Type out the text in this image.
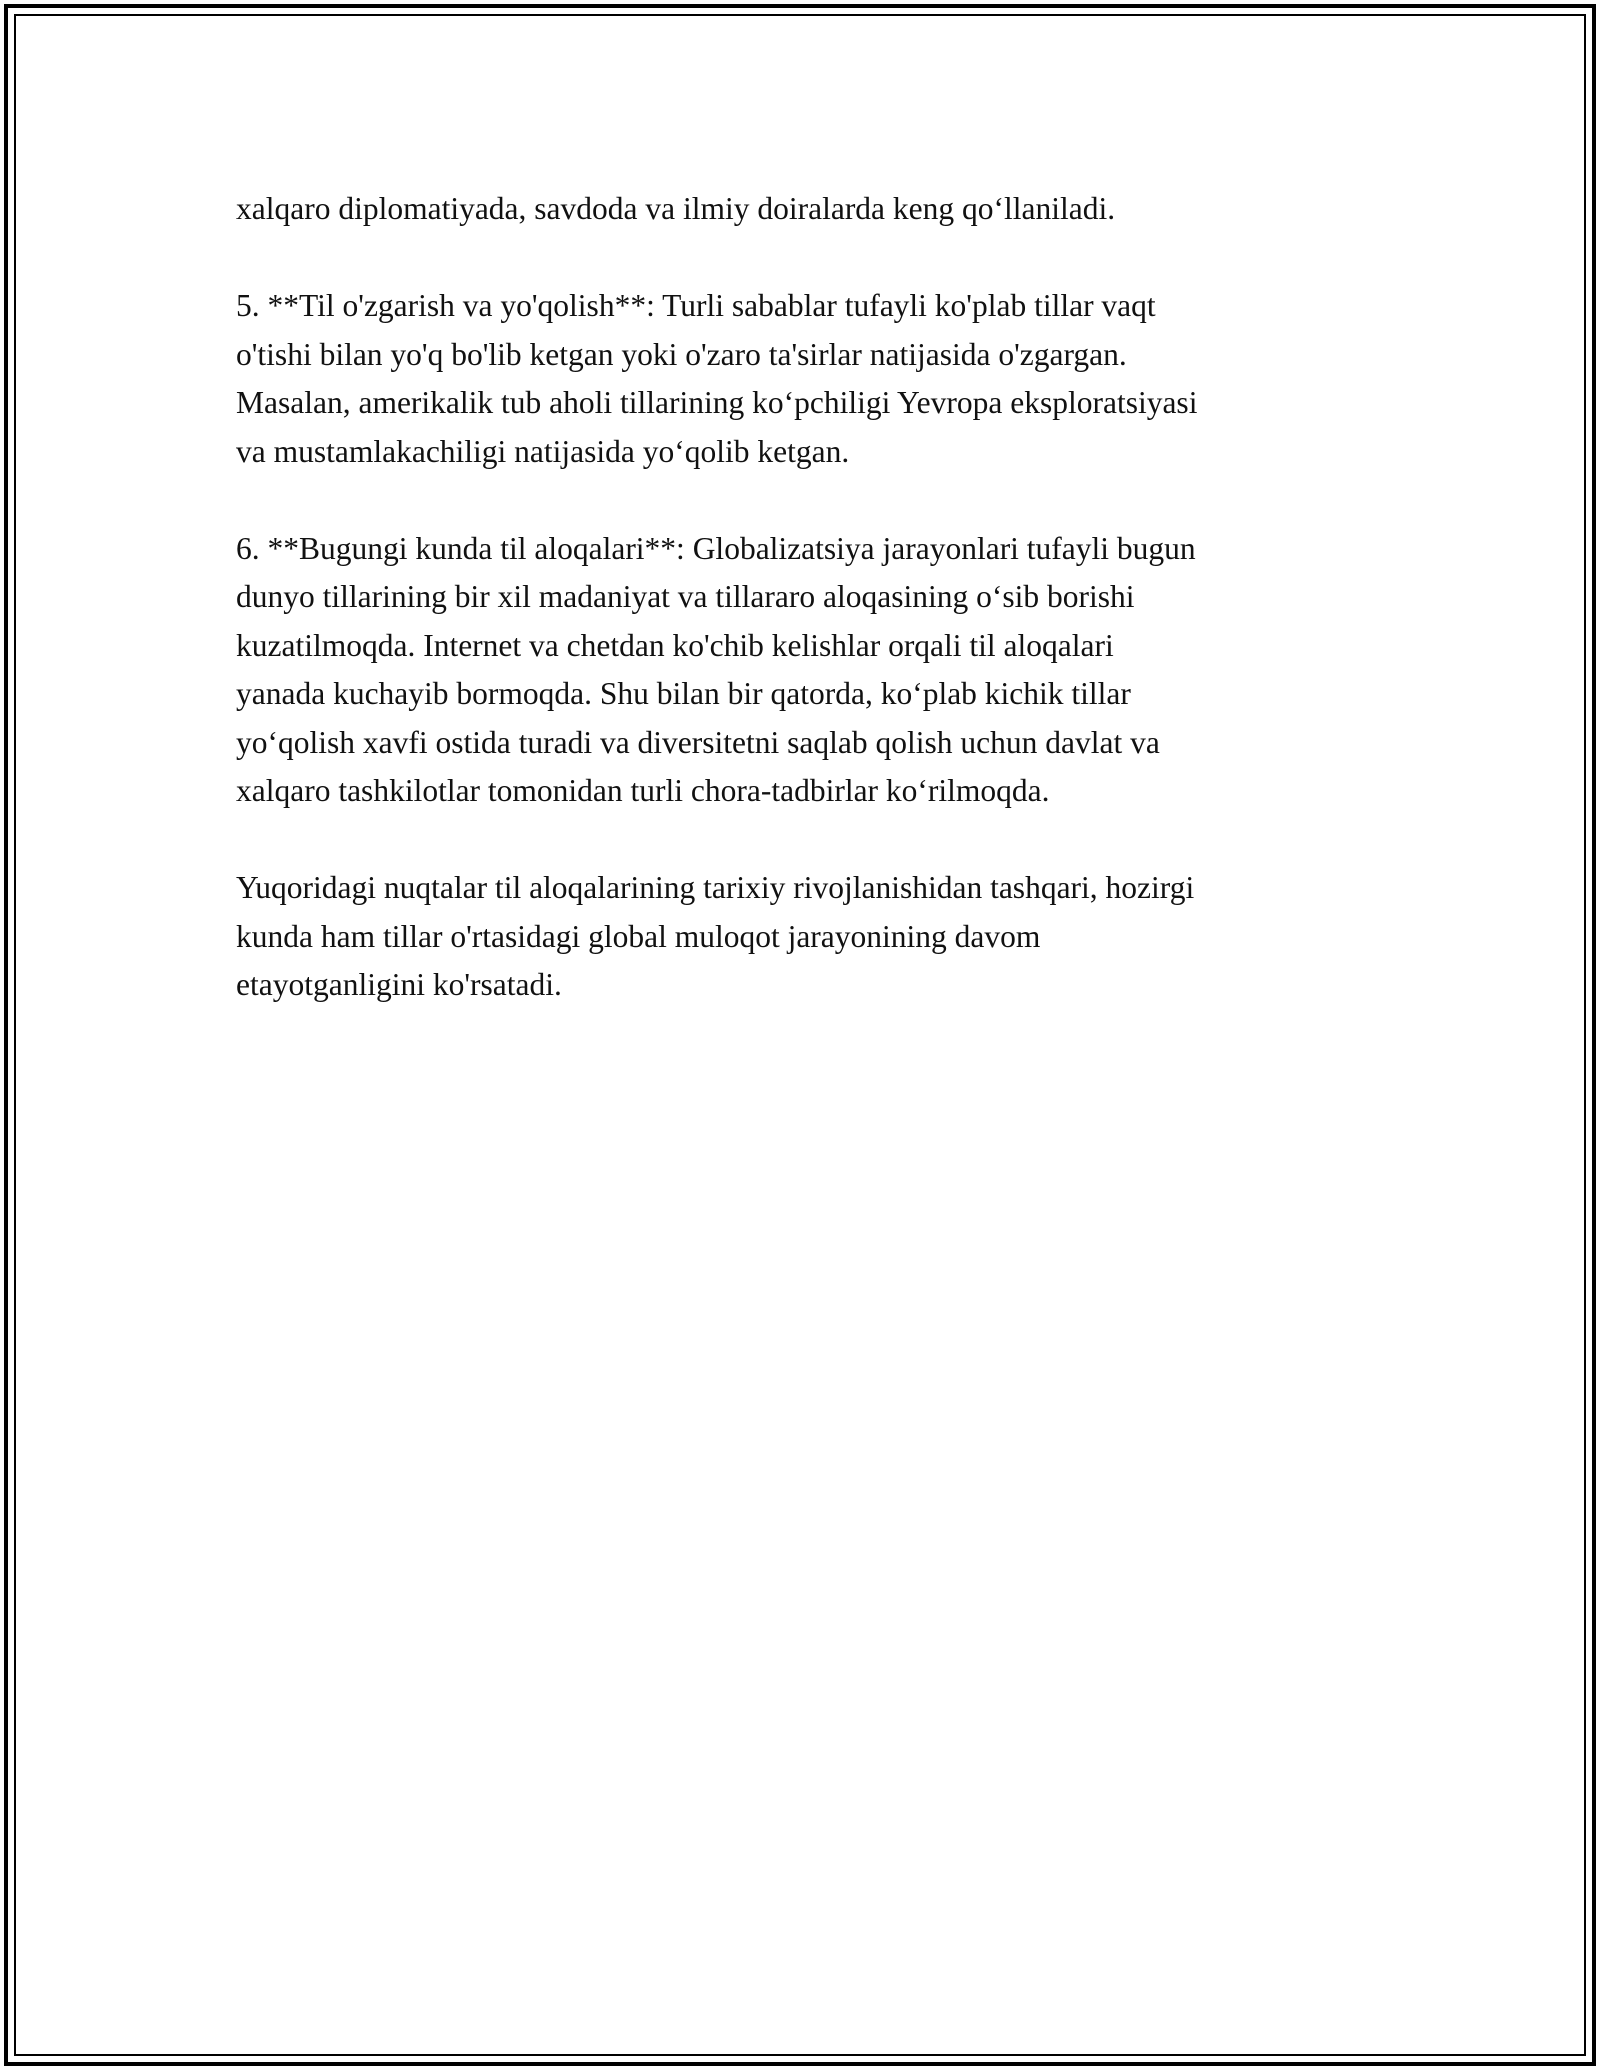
xalqaro diplomatiyada, savdoda va ilmiy doiralarda keng qo‘llaniladi.

5. **Til o'zgarish va yo'qolish**: Turli sabablar tufayli ko'plab tillar vaqt
o'tishi bilan yo'q bo'lib ketgan yoki o'zaro ta'sirlar natijasida o'zgargan.
Masalan, amerikalik tub aholi tillarining ko‘pchiligi Yevropa eksploratsiyasi
va mustamlakachiligi natijasida yo‘qolib ketgan.

6. **Bugungi kunda til aloqalari**: Globalizatsiya jarayonlari tufayli bugun
dunyo tillarining bir xil madaniyat va tillararo aloqasining o‘sib borishi
kuzatilmoqda. Internet va chetdan ko'chib kelishlar orqali til aloqalari
yanada kuchayib bormoqda. Shu bilan bir qatorda, ko‘plab kichik tillar
yo‘qolish xavfi ostida turadi va diversitetni saqlab qolish uchun davlat va
xalqaro tashkilotlar tomonidan turli chora-tadbirlar ko‘rilmoqda.

Yuqoridagi nuqtalar til aloqalarining tarixiy rivojlanishidan tashqari, hozirgi
kunda ham tillar o'rtasidagi global muloqot jarayonining davom
etayotganligini ko'rsatadi.
